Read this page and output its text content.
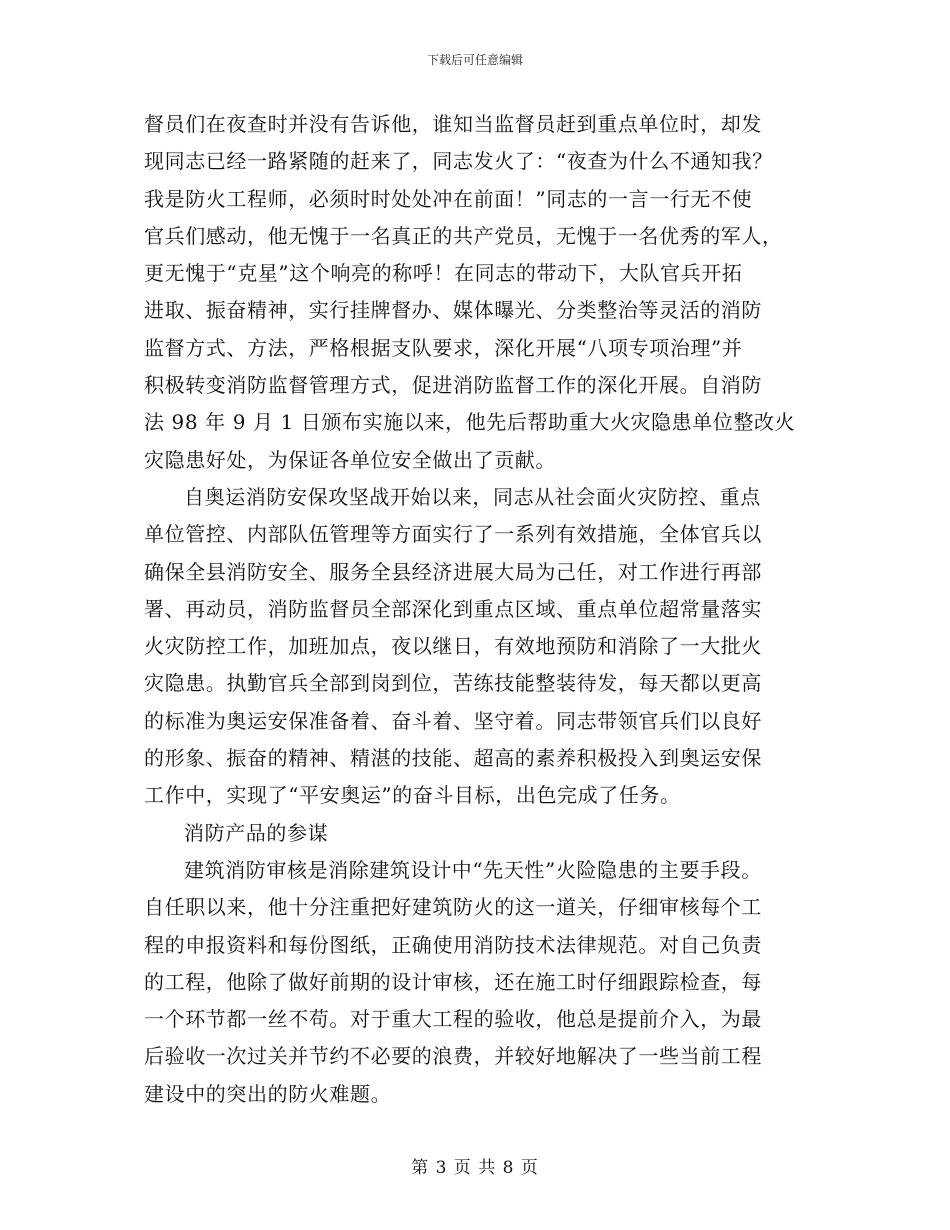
下载后可任意编辑
督员们在夜查时并没有告诉他，谁知当监督员赶到重点单位时，却发
现同志已经一路紧随的赶来了，同志发火了：“夜查为什么不通知我？
我是防火工程师，必须时时处处冲在前面！”同志的一言一行无不使
官兵们感动，他无愧于一名真正的共产党员，无愧于一名优秀的军人，
更无愧于“克星”这个响亮的称呼！在同志的带动下，大队官兵开拓
进取、振奋精神，实行挂牌督办、媒体曝光、分类整治等灵活的消防
监督方式、方法，严格根据支队要求，深化开展“八项专项治理”并
积极转变消防监督管理方式，促进消防监督工作的深化开展。自消防
法 98 年 9 月 1 日颁布实施以来，他先后帮助重大火灾隐患单位整改火
灾隐患好处，为保证各单位安全做出了贡献。
自奥运消防安保攻坚战开始以来，同志从社会面火灾防控、重点
单位管控、内部队伍管理等方面实行了一系列有效措施，全体官兵以
确保全县消防安全、服务全县经济进展大局为己任，对工作进行再部
署、再动员，消防监督员全部深化到重点区域、重点单位超常量落实
火灾防控工作，加班加点，夜以继日，有效地预防和消除了一大批火
灾隐患。执勤官兵全部到岗到位，苦练技能整装待发，每天都以更高
的标准为奥运安保准备着、奋斗着、坚守着。同志带领官兵们以良好
的形象、振奋的精神、精湛的技能、超高的素养积极投入到奥运安保
工作中，实现了“平安奥运”的奋斗目标，出色完成了任务。
消防产品的参谋
建筑消防审核是消除建筑设计中“先天性”火险隐患的主要手段。
自任职以来，他十分注重把好建筑防火的这一道关，仔细审核每个工
程的申报资料和每份图纸，正确使用消防技术法律规范。对自己负责
的工程，他除了做好前期的设计审核，还在施工时仔细跟踪检查，每
一个环节都一丝不苟。对于重大工程的验收，他总是提前介入，为最
后验收一次过关并节约不必要的浪费，并较好地解决了一些当前工程
建设中的突出的防火难题。
第 3 页 共 8 页
